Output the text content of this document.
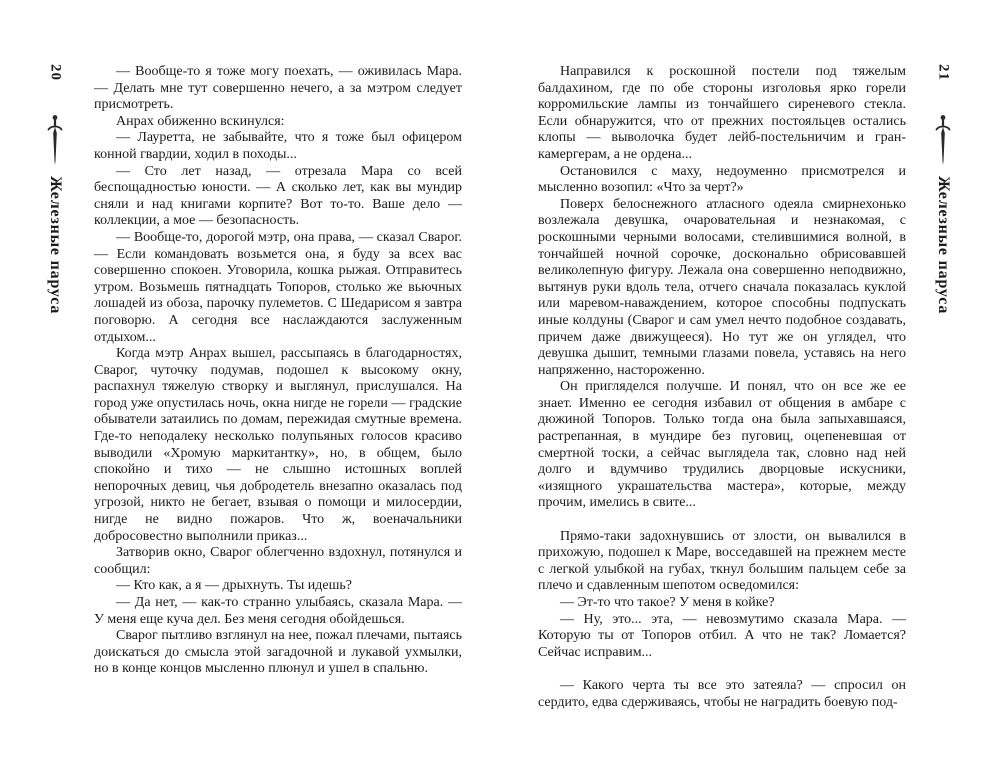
20
Железные паруса

— Вообще-то я тоже могу поехать, — оживилась Мара. — Делать мне тут совершенно нечего, а за мэтром следует присмотреть.

Анрах обиженно вскинулся:

— Лауретта, не забывайте, что я тоже был офицером конной гвардии, ходил в походы...

— Сто лет назад, — отрезала Мара со всей беспощадностью юности. — А сколько лет, как вы мундир сняли и над книгами корпите? Вот то-то. Ваше дело — коллекции, а мое — безопасность.

— Вообще-то, дорогой мэтр, она права, — сказал Сварог. — Если командовать возьмется она, я буду за всех вас совершенно спокоен. Уговорила, кошка рыжая. Отправитесь утром. Возьмешь пятнадцать Топоров, столько же вьючных лошадей из обоза, парочку пулеметов. С Шедарисом я завтра поговорю. А сегодня все наслаждаются заслуженным отдыхом...

Когда мэтр Анрах вышел, рассыпаясь в благодарностях, Сварог, чуточку подумав, подошел к высокому окну, распахнул тяжелую створку и выглянул, прислушался. На город уже опустилась ночь, окна нигде не горели — градские обыватели затаились по домам, пережидая смутные времена. Где-то неподалеку несколько полупьяных голосов красиво выводили «Хромую маркитантку», но, в общем, было спокойно и тихо — не слышно истошных воплей непорочных девиц, чья добродетель внезапно оказалась под угрозой, никто не бегает, взывая о помощи и милосердии, нигде не видно пожаров. Что ж, военачальники добросовестно выполнили приказ...

Затворив окно, Сварог облегченно вздохнул, потянулся и сообщил:

— Кто как, а я — дрыхнуть. Ты идешь?

— Да нет, — как-то странно улыбаясь, сказала Мара. — У меня еще куча дел. Без меня сегодня обойдешься.

Сварог пытливо взглянул на нее, пожал плечами, пытаясь доискаться до смысла этой загадочной и лукавой ухмылки, но в конце концов мысленно плюнул и ушел в спальню.

Направился к роскошной постели под тяжелым балдахином, где по обе стороны изголовья ярко горели корромильские лампы из тончайшего сиреневого стекла. Если обнаружится, что от прежних постояльцев остались клопы — выволочка будет лейб-постельничим и гран-камергерам, а не ордена...

Остановился с маху, недоуменно присмотрелся и мысленно возопил: «Что за черт?»

Поверх белоснежного атласного одеяла смирнехонько возлежала девушка, очаровательная и незнакомая, с роскошными черными волосами, стелившимися волной, в тончайшей ночной сорочке, досконально обрисовавшей великолепную фигуру. Лежала она совершенно неподвижно, вытянув руки вдоль тела, отчего сначала показалась куклой или маревом-наваждением, которое способны подпускать иные колдуны (Сварог и сам умел нечто подобное создавать, причем даже движущееся). Но тут же он углядел, что девушка дышит, темными глазами повела, уставясь на него напряженно, настороженно.

Он пригляделся получше. И понял, что он все же ее знает. Именно ее сегодня избавил от общения в амбаре с дюжиной Топоров. Только тогда она была запыхавшаяся, растрепанная, в мундире без пуговиц, оцепеневшая от смертной тоски, а сейчас выглядела так, словно над ней долго и вдумчиво трудились дворцовые искусники, «изящного украшательства мастера», которые, между прочим, имелись в свите...

Прямо-таки задохнувшись от злости, он вывалился в прихожую, подошел к Маре, восседавшей на прежнем месте с легкой улыбкой на губах, ткнул большим пальцем себе за плечо и сдавленным шепотом осведомился:

— Эт-то что такое? У меня в койке?

— Ну, это... эта, — невозмутимо сказала Мара. — Которую ты от Топоров отбил. А что не так? Ломается? Сейчас исправим...

— Какого черта ты все это затеяла? — спросил он сердито, едва сдерживаясь, чтобы не наградить боевую под-

21
Железные паруса
